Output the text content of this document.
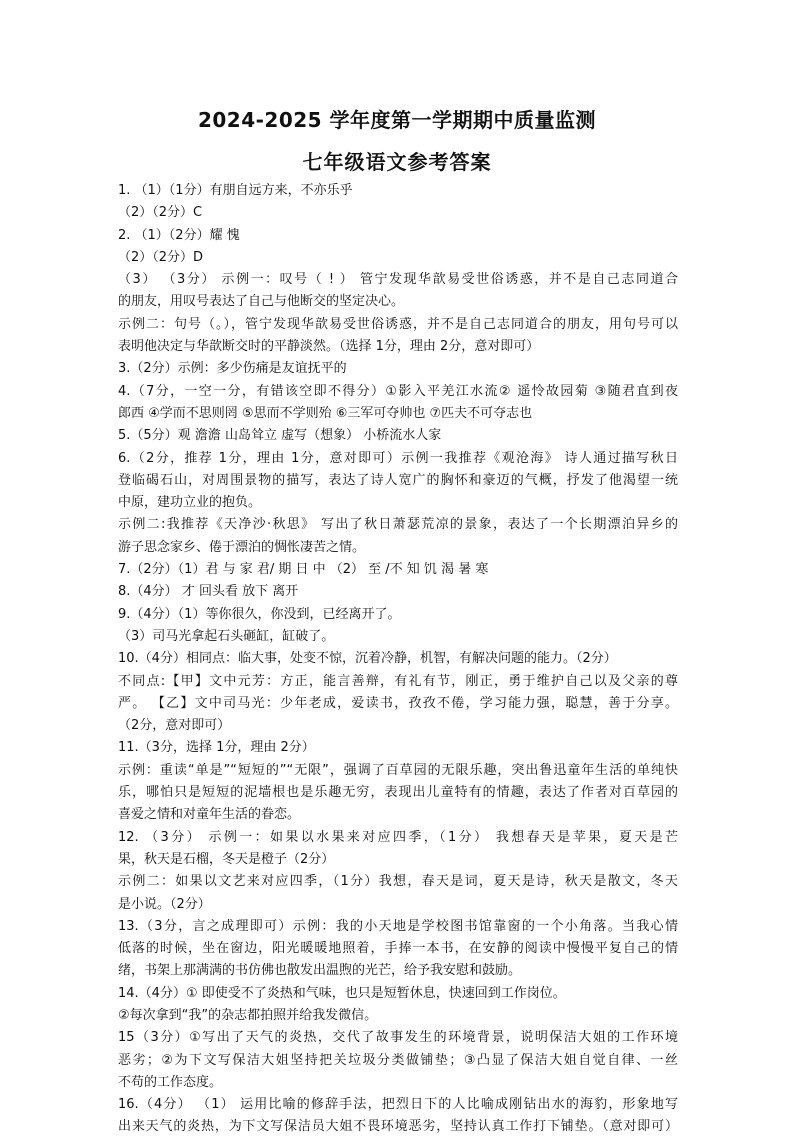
2024-2025 学年度第一学期期中质量监测
七年级语文参考答案
1. （1）（1分）有朋自远方来，不亦乐乎
（2）（2分）C
2. （1）（2分）耀 愧
（2）（2分）D
（3） （3分） 示例一：叹号（ ! ） 管宁发现华歆易受世俗诱惑，并不是自己志同道合
的朋友，用叹号表达了自己与他断交的坚定决心。
示例二：句号（。），管宁发现华歆易受世俗诱惑，并不是自己志同道合的朋友，用句号可以
表明他决定与华歆断交时的平静淡然。（选择 1分，理由 2分，意对即可）
3.（2分）示例：多少伤痛是友谊抚平的
4.（7分，一空一分，有错该空即不得分）①影入平羌江水流② 遥怜故园菊 ③随君直到夜
郎西 ④学而不思则罔 ⑤思而不学则殆 ⑥三军可夺帅也 ⑦匹夫不可夺志也
5.（5分）观 澹澹 山岛耸立 虚写（想象） 小桥流水人家
6.（2分，推荐 1分，理由 1分，意对即可）示例一我推荐《观沧海》 诗人通过描写秋日
登临碣石山，对周围景物的描写，表达了诗人宽广的胸怀和豪迈的气概，抒发了他渴望一统
中原，建功立业的抱负。
示例二:我推荐《天净沙·秋思》 写出了秋日萧瑟荒凉的景象，表达了一个长期漂泊异乡的
游子思念家乡、倦于漂泊的惆怅凄苦之情。
7.（2分）（1）君 与 家 君/ 期 日 中 （2） 至 /不 知 饥 渴 暑 寒
8.（4分） 才 回头看 放下 离开
9.（4分）（1）等你很久，你没到，已经离开了。
（3）司马光拿起石头砸缸，缸破了。
10.（4分）相同点：临大事，处变不惊，沉着冷静，机智，有解决问题的能力。（2分）
不同点:【甲】文中元芳：方正，能言善辩，有礼有节，刚正，勇于维护自己以及父亲的尊
严。 【乙】文中司马光：少年老成，爱读书，孜孜不倦，学习能力强，聪慧，善于分享。
（2分，意对即可）
11.（3分，选择 1分，理由 2分）
示例：重读“单是”“短短的”“无限”，强调了百草园的无限乐趣，突出鲁迅童年生活的单纯快
乐，哪怕只是短短的泥墙根也是乐趣无穷，表现出儿童特有的情趣，表达了作者对百草园的
喜爱之情和对童年生活的眷恋。
12. （3分） 示例一：如果以水果来对应四季，（1分） 我想春天是苹果，夏天是芒
果，秋天是石榴，冬天是橙子（2分）
示例二：如果以文艺来对应四季，（1分）我想，春天是词，夏天是诗，秋天是散文，冬天
是小说。（2分）
13.（3分，言之成理即可）示例：我的小天地是学校图书馆靠窗的一个小角落。当我心情
低落的时候，坐在窗边，阳光暖暖地照着，手捧一本书，在安静的阅读中慢慢平复自己的情
绪，书架上那满满的书仿佛也散发出温煦的光芒，给予我安慰和鼓励。
14.（4分）① 即使受不了炎热和气味，也只是短暂休息，快速回到工作岗位。
②每次拿到“我”的杂志都拍照并给我发微信。
15（3分）①写出了天气的炎热，交代了故事发生的环境背景，说明保洁大姐的工作环境
恶劣；②为下文写保洁大姐坚持把关垃圾分类做铺垫；③凸显了保洁大姐自觉自律、一丝
不苟的工作态度。
16.（4分） （1） 运用比喻的修辞手法，把烈日下的人比喻成刚钻出水的海豹，形象地写
出来天气的炎热，为下文写保洁员大姐不畏环境恶劣，坚持认真工作打下铺垫。（意对即可）
